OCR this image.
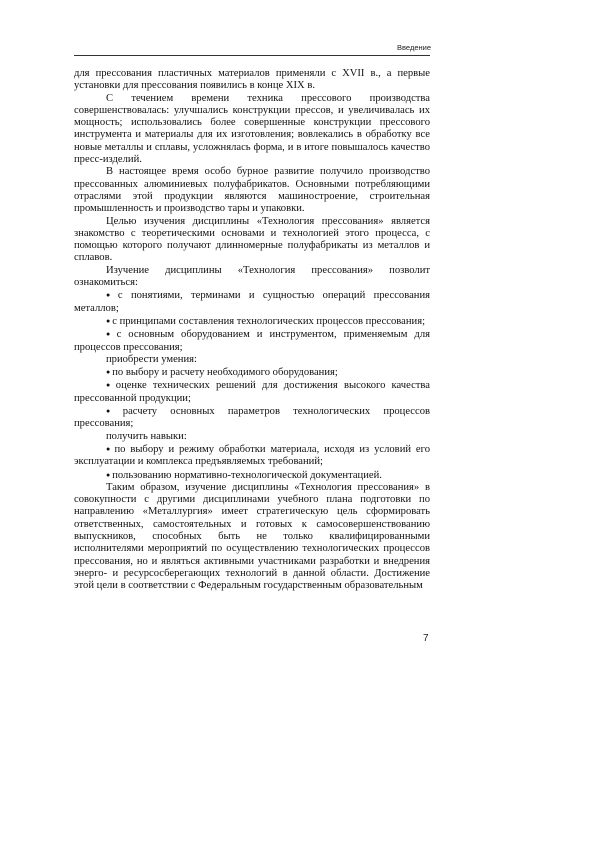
Введение

для прессования пластичных материалов применяли с XVII в., а первые установки для прессования появились в конце XIX в.

С течением времени техника прессового производства совершенствовалась: улучшались конструкции прессов, и увеличивалась их мощность; использовались более совершенные конструкции прессового инструмента и материалы для их изготовления; вовлекались в обработку все новые металлы и сплавы, усложнялась форма, и в итоге повышалось качество пресс-изделий.

В настоящее время особо бурное развитие получило производство прессованных алюминиевых полуфабрикатов. Основными потребляющими отраслями этой продукции являются машиностроение, строительная промышленность и производство тары и упаковки.

Целью изучения дисциплины «Технология прессования» является знакомство с теоретическими основами и технологией этого процесса, с помощью которого получают длинномерные полуфабрикаты из металлов и сплавов.

Изучение дисциплины «Технология прессования» позволит ознакомиться:

● с понятиями, терминами и сущностью операций прессования металлов;

● с принципами составления технологических процессов прессования;

● с основным оборудованием и инструментом, применяемым для процессов прессования;

приобрести умения:

● по выбору и расчету необходимого оборудования;

● оценке технических решений для достижения высокого качества прессованной продукции;

● расчету основных параметров технологических процессов прессования;

получить навыки:

● по выбору и режиму обработки материала, исходя из условий его эксплуатации и комплекса предъявляемых требований;

● пользованию нормативно-технологической документацией.

Таким образом, изучение дисциплины «Технология прессования» в совокупности с другими дисциплинами учебного плана подготовки по направлению «Металлургия» имеет стратегическую цель сформировать ответственных, самостоятельных и готовых к самосовершенствованию выпускников, способных быть не только квалифицированными исполнителями мероприятий по осуществлению технологических процессов прессования, но и являться активными участниками разработки и внедрения энерго- и ресурсосберегающих технологий в данной области. Достижение этой цели в соответствии с Федеральным государственным образовательным

7
